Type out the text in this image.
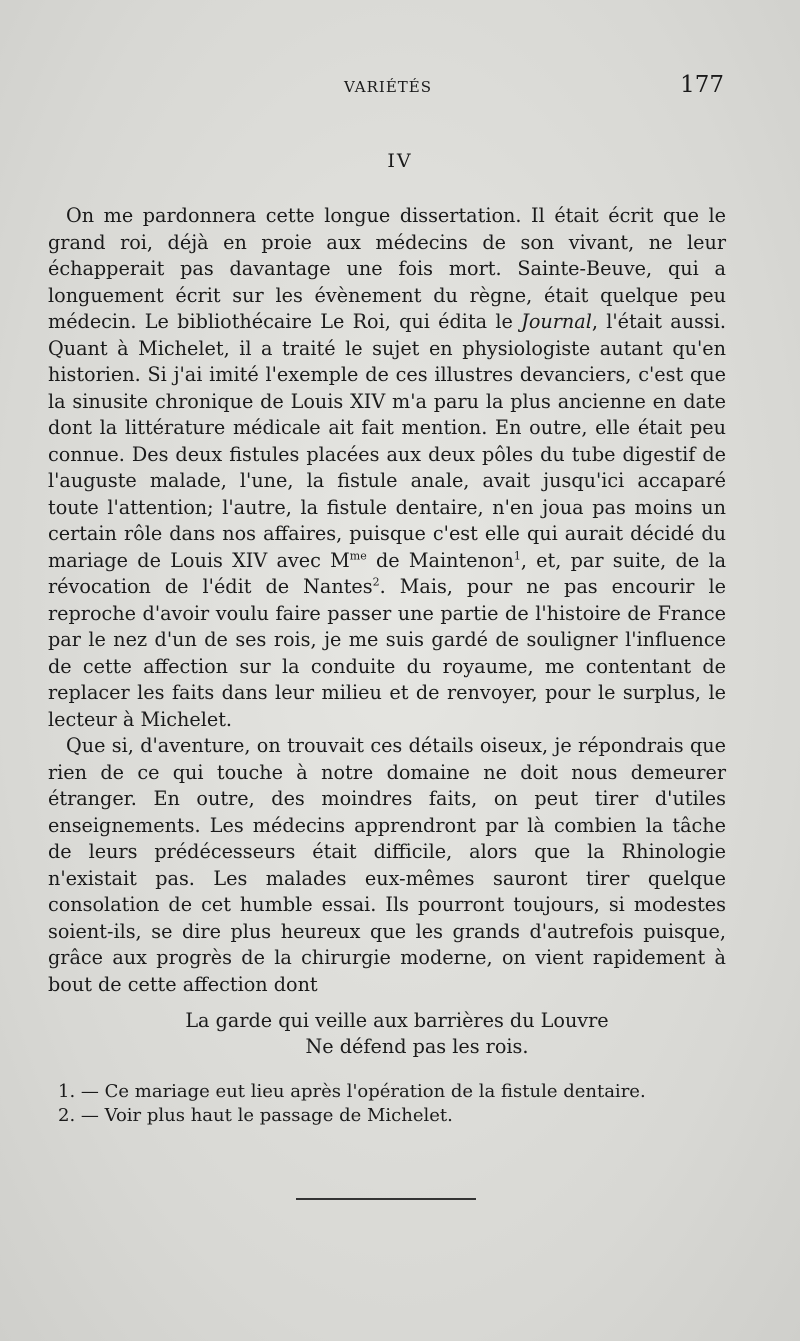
VARIÉTÉS	177
IV

On me pardonnera cette longue dissertation. Il était écrit que le grand roi, déjà en proie aux médecins de son vivant, ne leur échapperait pas davantage une fois mort. Sainte-Beuve, qui a longuement écrit sur les évènement du règne, était quelque peu médecin. Le bibliothécaire Le Roi, qui édita le Journal, l'était aussi. Quant à Michelet, il a traité le sujet en physiologiste autant qu'en historien. Si j'ai imité l'exemple de ces illustres devanciers, c'est que la sinusite chronique de Louis XIV m'a paru la plus ancienne en date dont la littérature médicale ait fait mention. En outre, elle était peu connue. Des deux fistules placées aux deux pôles du tube digestif de l'auguste malade, l'une, la fistule anale, avait jusqu'ici accaparé toute l'attention; l'autre, la fistule dentaire, n'en joua pas moins un certain rôle dans nos affaires, puisque c'est elle qui aurait décidé du mariage de Louis XIV avec $M^{me}$ de Maintenon$^1$, et, par suite, de la révocation de l'édit de Nantes$^2$. Mais, pour ne pas encourir le reproche d'avoir voulu faire passer une partie de l'histoire de France par le nez d'un de ses rois, je me suis gardé de souligner l'influence de cette affection sur la conduite du royaume, me contentant de replacer les faits dans leur milieu et de renvoyer, pour le surplus, le lecteur à Michelet.

Que si, d'aventure, on trouvait ces détails oiseux, je répondrais que rien de ce qui touche à notre domaine ne doit nous demeurer étranger. En outre, des moindres faits, on peut tirer d'utiles enseignements. Les médecins apprendront par là combien la tâche de leurs prédécesseurs était difficile, alors que la Rhinologie n'existait pas. Les malades eux-mêmes sauront tirer quelque consolation de cet humble essai. Ils pourront toujours, si modestes soient-ils, se dire plus heureux que les grands d'autrefois puisque, grâce aux progrès de la chirurgie moderne, on vient rapidement à bout de cette affection dont

La garde qui veille aux barrières du Louvre
Ne défend pas les rois.
1. — Ce mariage eut lieu après l'opération de la fistule dentaire.
2. — Voir plus haut le passage de Michelet.
